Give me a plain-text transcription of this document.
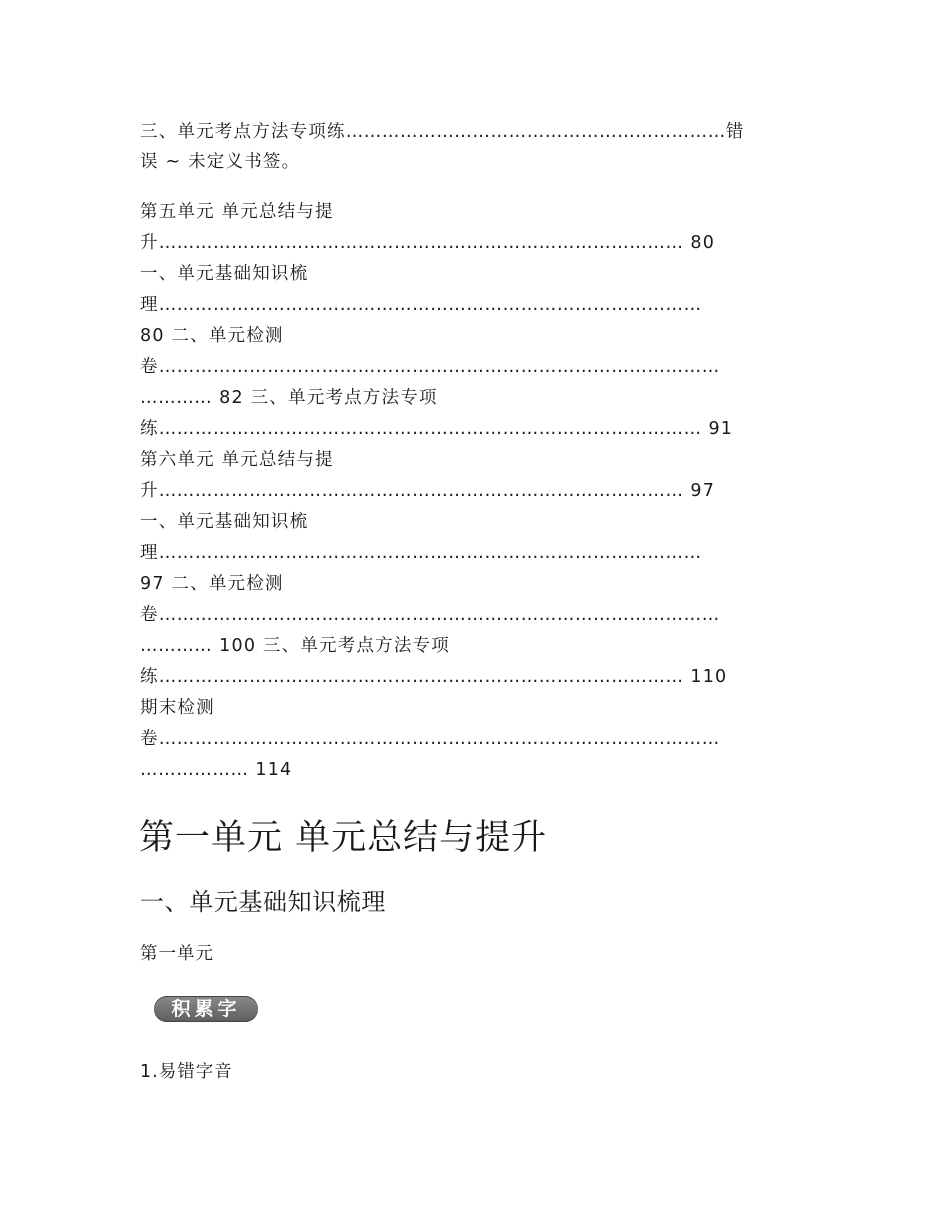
三、单元考点方法专项练………………………………………………………错
误 ~ 未定义书签。
第五单元 单元总结与提
升…………………………………………………………………………… 80
一、单元基础知识梳
理………………………………………………………………………………
80 二、单元检测
卷…………………………………………………………………………………
………… 82 三、单元考点方法专项
练……………………………………………………………………………… 91
第六单元 单元总结与提
升…………………………………………………………………………… 97
一、单元基础知识梳
理………………………………………………………………………………
97 二、单元检测
卷…………………………………………………………………………………
………… 100 三、单元考点方法专项
练…………………………………………………………………………… 110
期末检测
卷…………………………………………………………………………………
……………… 114
第一单元 单元总结与提升
一、单元基础知识梳理
第一单元
积累字
1.易错字音
